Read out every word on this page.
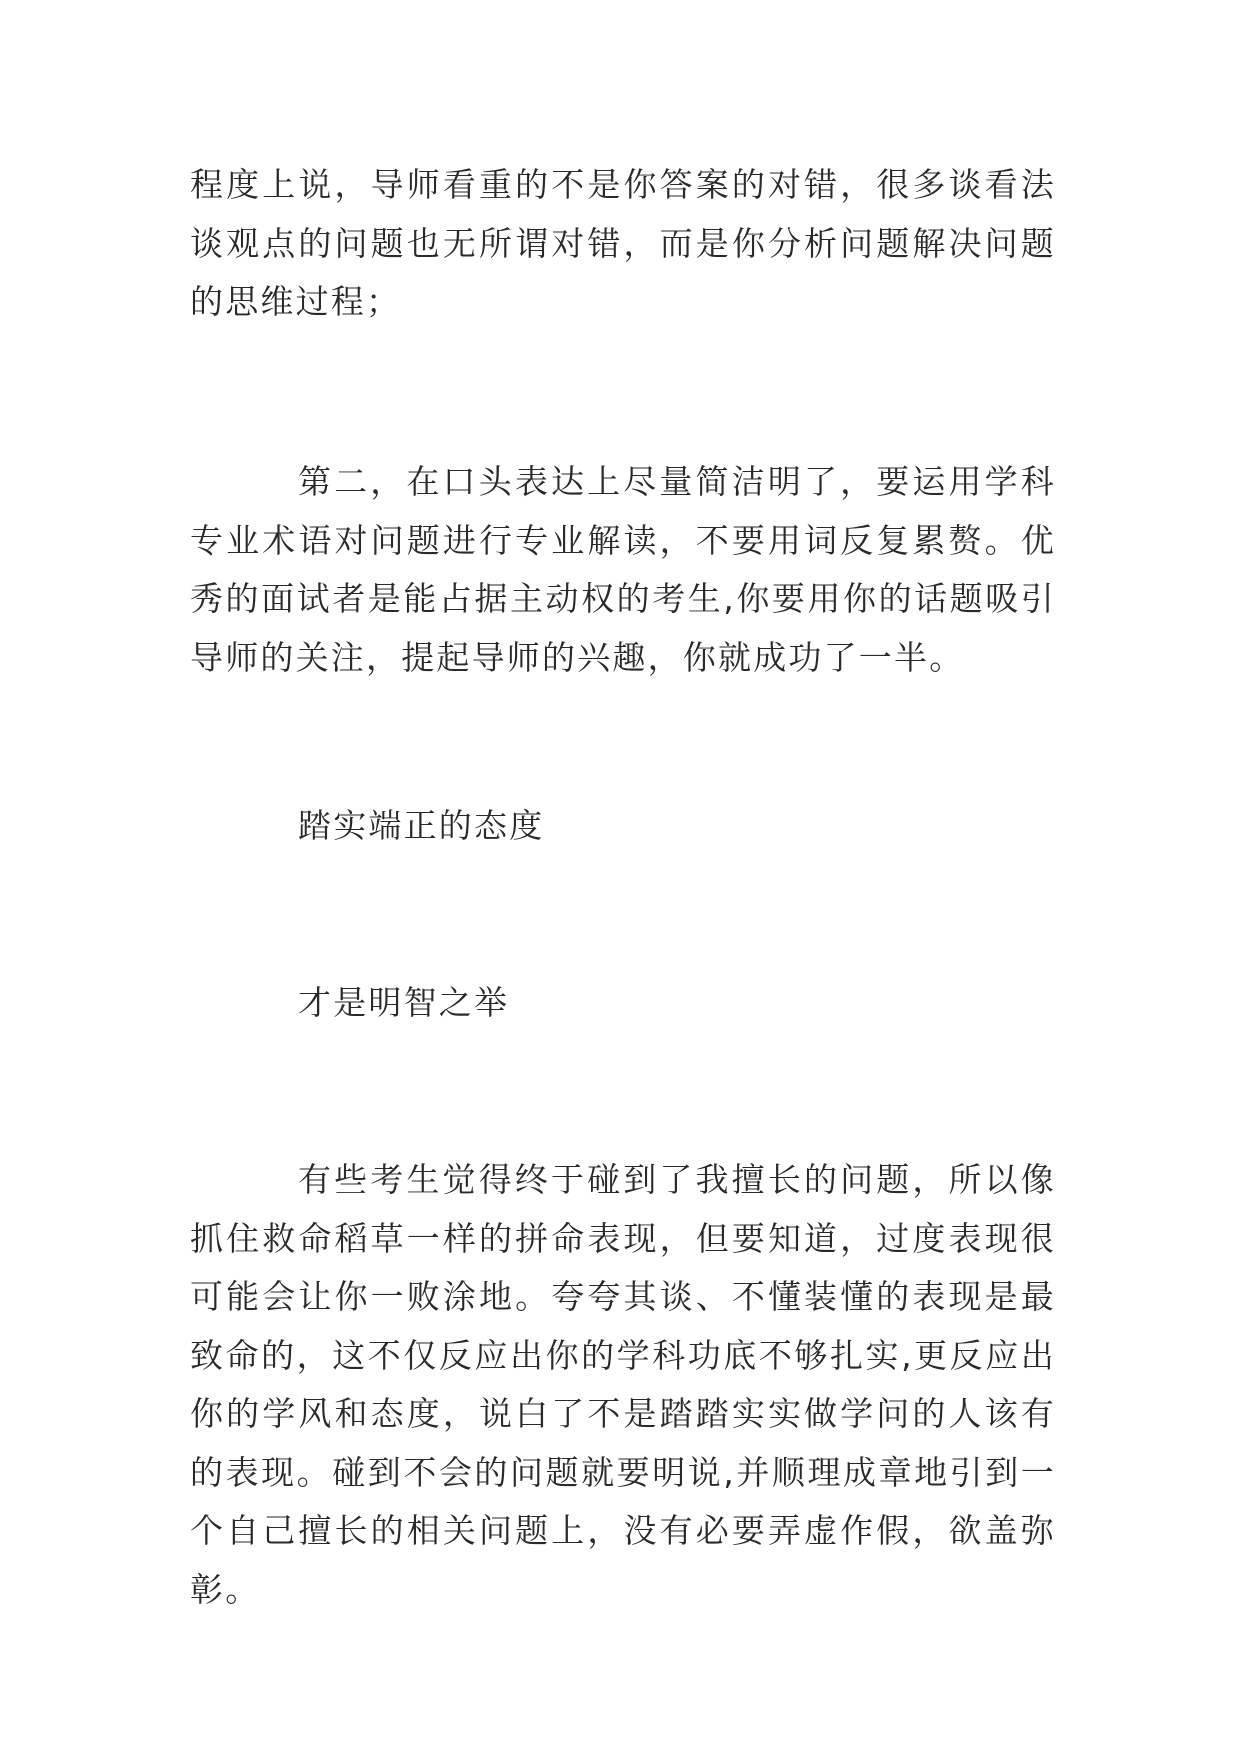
程度上说，导师看重的不是你答案的对错，很多谈看法谈观点的问题也无所谓对错，而是你分析问题解决问题的思维过程；

第二，在口头表达上尽量简洁明了，要运用学科专业术语对问题进行专业解读，不要用词反复累赘。优秀的面试者是能占据主动权的考生,你要用你的话题吸引导师的关注，提起导师的兴趣，你就成功了一半。

踏实端正的态度

才是明智之举

有些考生觉得终于碰到了我擅长的问题，所以像抓住救命稻草一样的拼命表现，但要知道，过度表现很可能会让你一败涂地。夸夸其谈、不懂装懂的表现是最致命的，这不仅反应出你的学科功底不够扎实,更反应出你的学风和态度，说白了不是踏踏实实做学问的人该有的表现。碰到不会的问题就要明说,并顺理成章地引到一个自己擅长的相关问题上，没有必要弄虚作假，欲盖弥彰。
